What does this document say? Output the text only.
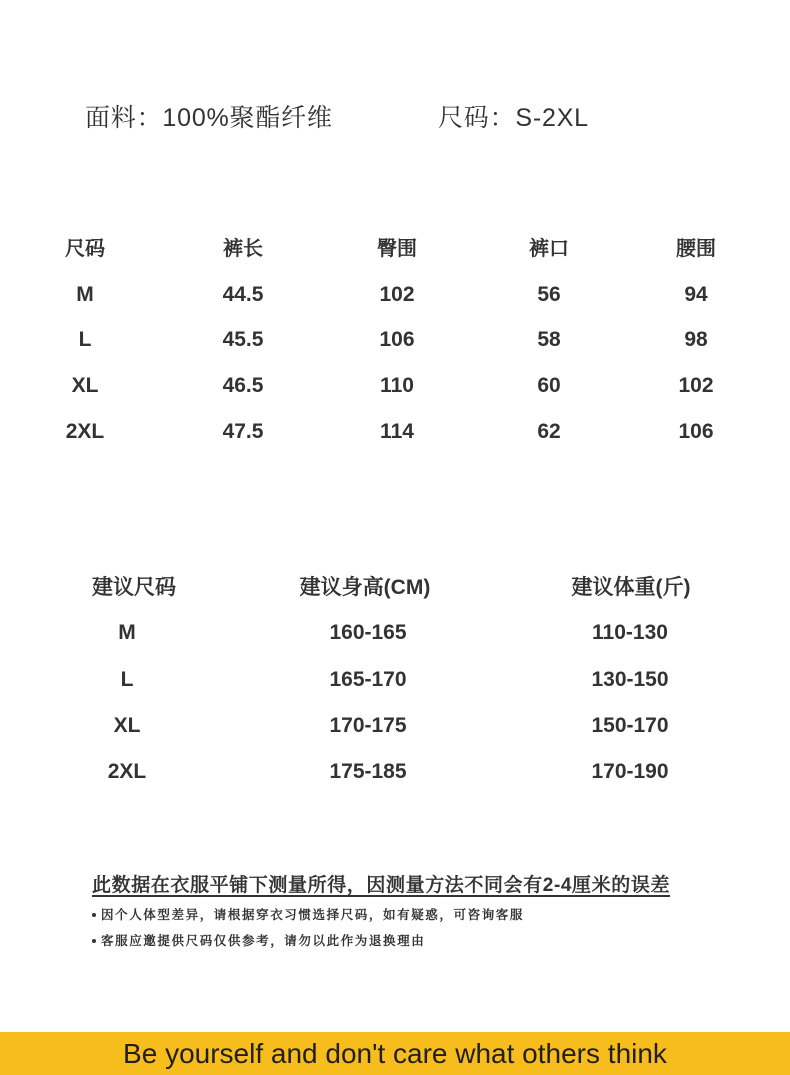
面料：100%聚酯纤维	尺码：S-2XL
尺码	裤长	臀围	裤口	腰围
M	44.5	102	56	94
L	45.5	106	58	98
XL	46.5	110	60	102
2XL	47.5	114	62	106
建议尺码	建议身高(CM)	建议体重(斤)
M	160-165	110-130
L	165-170	130-150
XL	170-175	150-170
2XL	175-185	170-190
此数据在衣服平铺下测量所得，因测量方法不同会有2-4厘米的误差
因个人体型差异，请根据穿衣习惯选择尺码，如有疑惑，可咨询客服
客服应邀提供尺码仅供参考，请勿以此作为退换理由
Be yourself and don't care what others think
